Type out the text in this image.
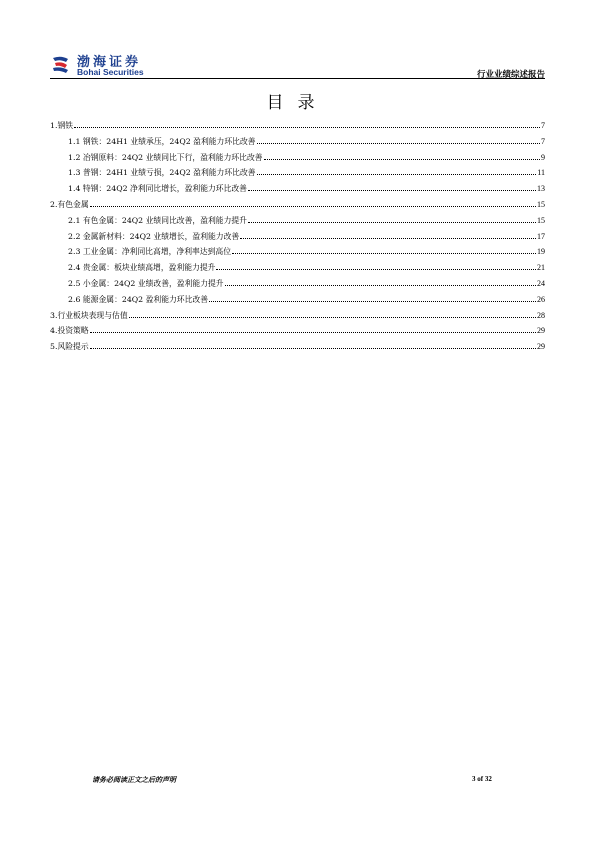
渤海证券
Bohai Securities	行业业绩综述报告
目录
1.钢铁	7
1.1 钢铁：24H1 业绩承压，24Q2 盈利能力环比改善	7
1.2 冶钢原料：24Q2 业绩同比下行，盈利能力环比改善	9
1.3 普钢：24H1 业绩亏损，24Q2 盈利能力环比改善	11
1.4 特钢：24Q2 净利同比增长，盈利能力环比改善	13
2.有色金属	15
2.1 有色金属：24Q2 业绩同比改善，盈利能力提升	15
2.2 金属新材料：24Q2 业绩增长，盈利能力改善	17
2.3 工业金属：净利同比高增，净利率达到高位	19
2.4 贵金属：板块业绩高增，盈利能力提升	21
2.5 小金属：24Q2 业绩改善，盈利能力提升	24
2.6 能源金属：24Q2 盈利能力环比改善	26
3.行业板块表现与估值	28
4.投资策略	29
5.风险提示	29
请务必阅读正文之后的声明	3 of 32
